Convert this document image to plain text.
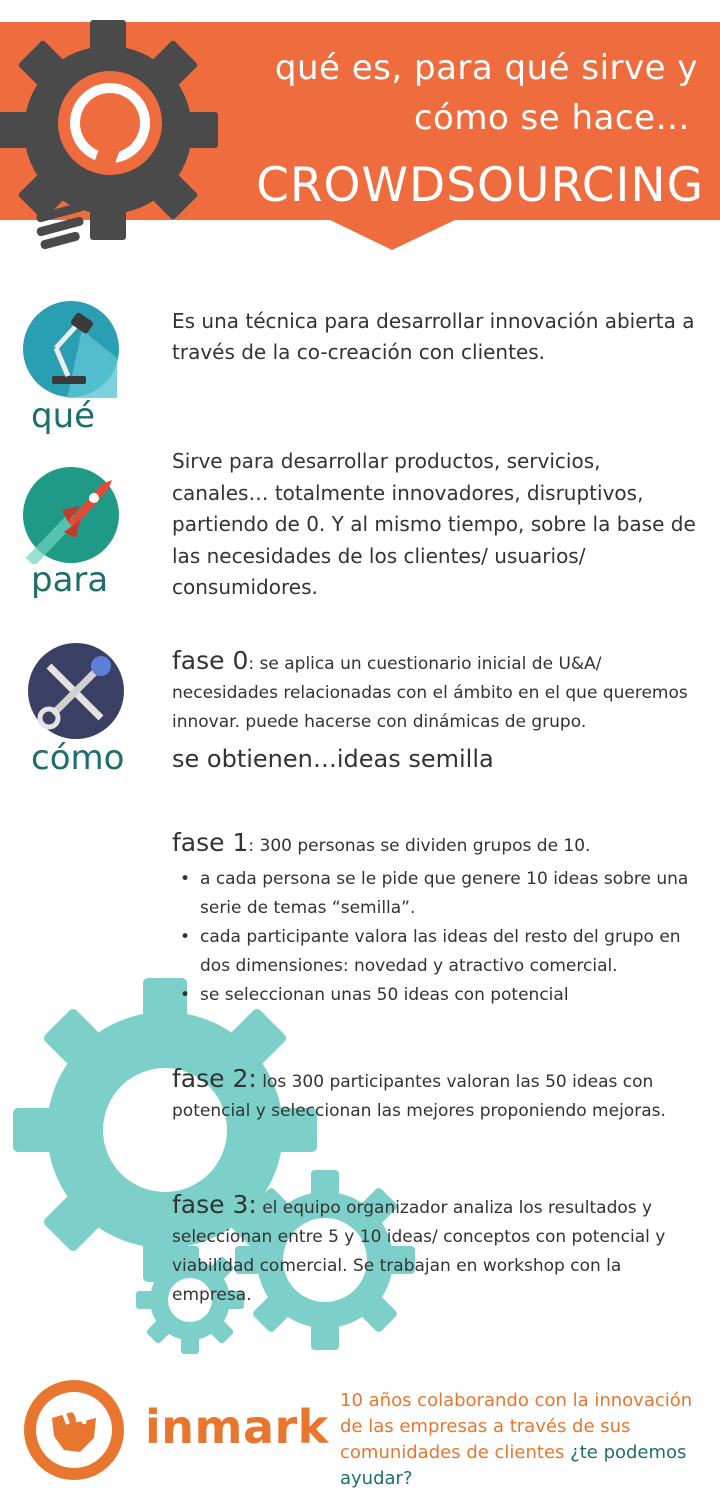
qué es, para qué sirve y
cómo se hace…
CROWDSOURCING
qué
Es una técnica para desarrollar innovación abierta a través de la co-creación con clientes.
para
Sirve para desarrollar productos, servicios, canales… totalmente innovadores, disruptivos, partiendo de 0. Y al mismo tiempo, sobre la base de las necesidades de los clientes/ usuarios/ consumidores.
cómo
fase 0: se aplica un cuestionario inicial de U&A/ necesidades relacionadas con el ámbito en el que queremos innovar. puede hacerse con dinámicas de grupo.
se obtienen…ideas semilla
fase 1: 300 personas se dividen grupos de 10.
• a cada persona se le pide que genere 10 ideas sobre una serie de temas “semilla”.
• cada participante valora las ideas del resto del grupo en dos dimensiones: novedad y atractivo comercial.
• se seleccionan unas 50 ideas con potencial
fase 2: los 300 participantes valoran las 50 ideas con potencial y seleccionan las mejores proponiendo mejoras.
fase 3: el equipo organizador analiza los resultados y seleccionan entre 5 y 10 ideas/ conceptos con potencial y viabilidad comercial. Se trabajan en workshop con la empresa.
inmark 10 años colaborando con la innovación de las empresas a través de sus comunidades de clientes ¿te podemos ayudar?
